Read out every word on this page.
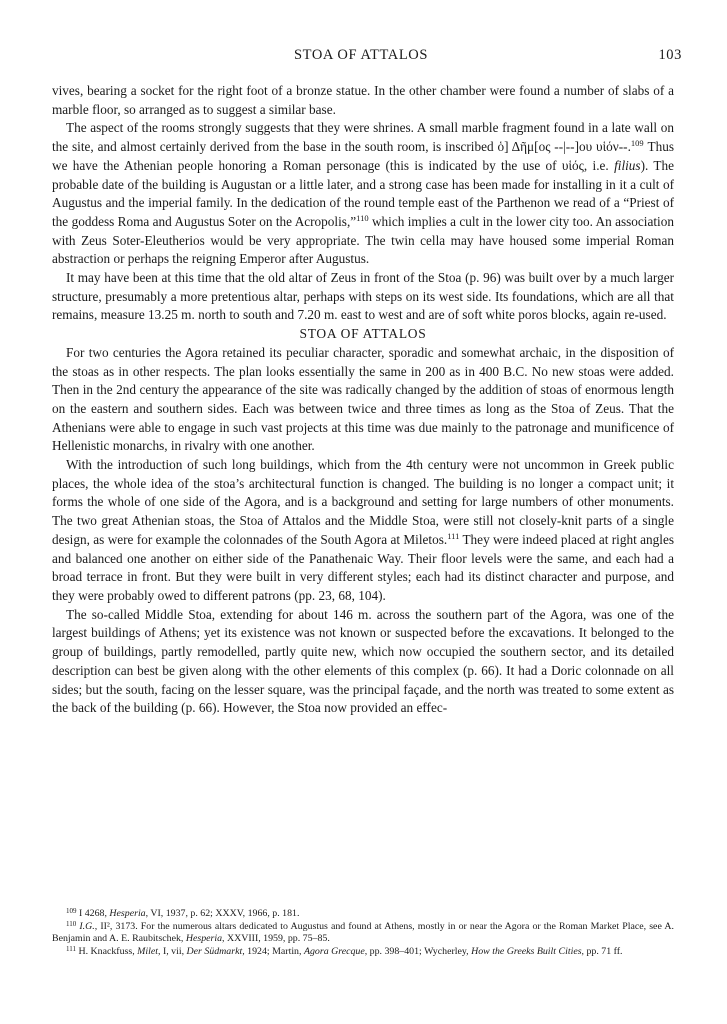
STOA OF ATTALOS	103

vives, bearing a socket for the right foot of a bronze statue. In the other chamber were found a number of slabs of a marble floor, so arranged as to suggest a similar base.

The aspect of the rooms strongly suggests that they were shrines. A small marble fragment found in a late wall on the site, and almost certainly derived from the base in the south room, is inscribed ὁ] Δῆμ[ος --|--]ου υἱόν--.$^{109}$ Thus we have the Athenian people honoring a Roman personage (this is indicated by the use of υἱός, i.e. filius). The probable date of the building is Augustan or a little later, and a strong case has been made for installing in it a cult of Augustus and the imperial family. In the dedication of the round temple east of the Parthenon we read of a “Priest of the goddess Roma and Augustus Soter on the Acropolis,”$^{110}$ which implies a cult in the lower city too. An association with Zeus Soter-Eleutherios would be very appropriate. The twin cella may have housed some imperial Roman abstraction or perhaps the reigning Emperor after Augustus.

It may have been at this time that the old altar of Zeus in front of the Stoa (p. 96) was built over by a much larger structure, presumably a more pretentious altar, perhaps with steps on its west side. Its foundations, which are all that remains, measure 13.25 m. north to south and 7.20 m. east to west and are of soft white poros blocks, again re-used.

STOA OF ATTALOS

For two centuries the Agora retained its peculiar character, sporadic and somewhat archaic, in the disposition of the stoas as in other respects. The plan looks essentially the same in 200 as in 400 B.C. No new stoas were added. Then in the 2nd century the appearance of the site was radically changed by the addition of stoas of enormous length on the eastern and southern sides. Each was between twice and three times as long as the Stoa of Zeus. That the Athenians were able to engage in such vast projects at this time was due mainly to the patronage and munificence of Hellenistic monarchs, in rivalry with one another.

With the introduction of such long buildings, which from the 4th century were not uncommon in Greek public places, the whole idea of the stoa’s architectural function is changed. The building is no longer a compact unit; it forms the whole of one side of the Agora, and is a background and setting for large numbers of other monuments. The two great Athenian stoas, the Stoa of Attalos and the Middle Stoa, were still not closely-knit parts of a single design, as were for example the colonnades of the South Agora at Miletos.$^{111}$ They were indeed placed at right angles and balanced one another on either side of the Panathenaic Way. Their floor levels were the same, and each had a broad terrace in front. But they were built in very different styles; each had its distinct character and purpose, and they were probably owed to different patrons (pp. 23, 68, 104).

The so-called Middle Stoa, extending for about 146 m. across the southern part of the Agora, was one of the largest buildings of Athens; yet its existence was not known or suspected before the excavations. It belonged to the group of buildings, partly remodelled, partly quite new, which now occupied the southern sector, and its detailed description can best be given along with the other elements of this complex (p. 66). It had a Doric colonnade on all sides; but the south, facing on the lesser square, was the principal façade, and the north was treated to some extent as the back of the building (p. 66). However, the Stoa now provided an effec-

$^{109}$ I 4268, Hesperia, VI, 1937, p. 62; XXXV, 1966, p. 181.

$^{110}$ I.G., II², 3173. For the numerous altars dedicated to Augustus and found at Athens, mostly in or near the Agora or the Roman Market Place, see A. Benjamin and A. E. Raubitschek, Hesperia, XXVIII, 1959, pp. 75–85.

$^{111}$ H. Knackfuss, Milet, I, vii, Der Südmarkt, 1924; Martin, Agora Grecque, pp. 398–401; Wycherley, How the Greeks Built Cities, pp. 71 ff.
